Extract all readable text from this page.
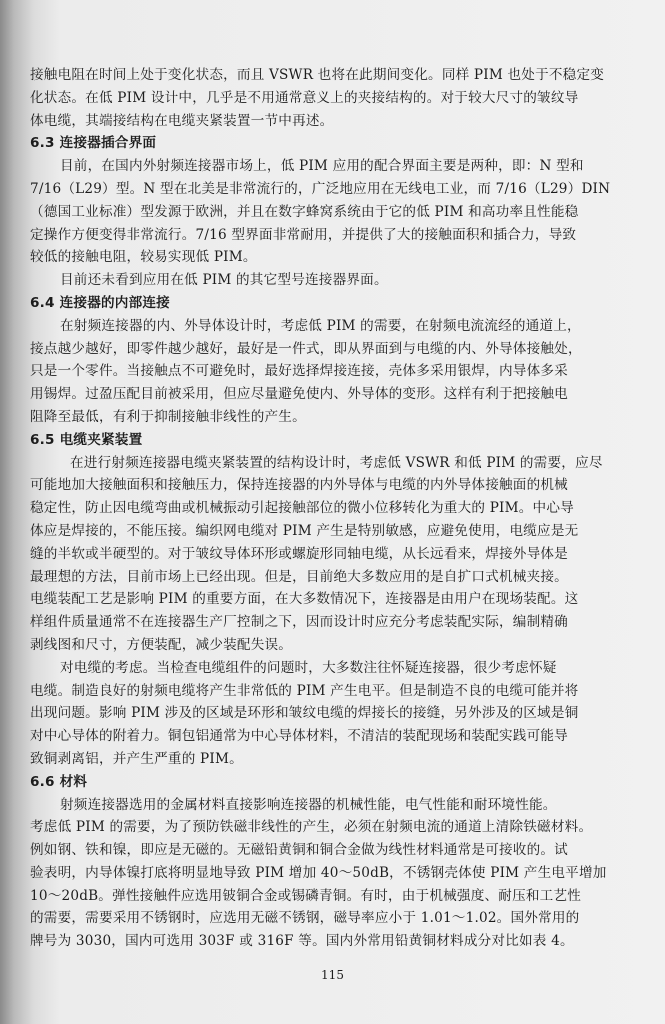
接触电阻在时间上处于变化状态，而且 VSWR 也将在此期间变化。同样 PIM 也处于不稳定变
化状态。在低 PIM 设计中，几乎是不用通常意义上的夹接结构的。对于较大尺寸的皱纹导
体电缆，其端接结构在电缆夹紧装置一节中再述。
6.3 连接器插合界面
目前，在国内外射频连接器市场上，低 PIM 应用的配合界面主要是两种，即：N 型和
7/16（L29）型。N 型在北美是非常流行的，广泛地应用在无线电工业，而 7/16（L29）DIN
（德国工业标准）型发源于欧洲，并且在数字蜂窝系统由于它的低 PIM 和高功率且性能稳
定操作方便变得非常流行。7/16 型界面非常耐用，并提供了大的接触面积和插合力，导致
较低的接触电阻，较易实现低 PIM。
目前还未看到应用在低 PIM 的其它型号连接器界面。
6.4 连接器的内部连接
在射频连接器的内、外导体设计时，考虑低 PIM 的需要，在射频电流流经的通道上，
接点越少越好，即零件越少越好，最好是一件式，即从界面到与电缆的内、外导体接触处，
只是一个零件。当接触点不可避免时，最好选择焊接连接，壳体多采用银焊，内导体多采
用锡焊。过盈压配目前被采用，但应尽量避免使内、外导体的变形。这样有利于把接触电
阻降至最低，有利于抑制接触非线性的产生。
6.5 电缆夹紧装置
在进行射频连接器电缆夹紧装置的结构设计时，考虑低 VSWR 和低 PIM 的需要，应尽
可能地加大接触面积和接触压力，保持连接器的内外导体与电缆的内外导体接触面的机械
稳定性，防止因电缆弯曲或机械振动引起接触部位的微小位移转化为重大的 PIM。中心导
体应是焊接的，不能压接。编织网电缆对 PIM 产生是特别敏感，应避免使用，电缆应是无
缝的半软或半硬型的。对于皱纹导体环形或螺旋形同轴电缆，从长远看来，焊接外导体是
最理想的方法，目前市场上已经出现。但是，目前绝大多数应用的是自扩口式机械夹接。
电缆装配工艺是影响 PIM 的重要方面，在大多数情况下，连接器是由用户在现场装配。这
样组件质量通常不在连接器生产厂控制之下，因而设计时应充分考虑装配实际，编制精确
剥线图和尺寸，方便装配，减少装配失误。
对电缆的考虑。当检查电缆组件的问题时，大多数注往怀疑连接器，很少考虑怀疑
电缆。制造良好的射频电缆将产生非常低的 PIM 产生电平。但是制造不良的电缆可能并将
出现问题。影响 PIM 涉及的区域是环形和皱纹电缆的焊接长的接缝，另外涉及的区域是铜
对中心导体的附着力。铜包铝通常为中心导体材料，不清洁的装配现场和装配实践可能导
致铜剥离铝，并产生严重的 PIM。
6.6 材料
射频连接器选用的金属材料直接影响连接器的机械性能，电气性能和耐环境性能。
考虑低 PIM 的需要，为了预防铁磁非线性的产生，必须在射频电流的通道上清除铁磁材料。
例如钢、铁和镍，即应是无磁的。无磁铅黄铜和铜合金做为线性材料通常是可接收的。试
验表明，内导体镍打底将明显地导致 PIM 增加 40～50dB，不锈钢壳体使 PIM 产生电平增加
10～20dB。弹性接触件应选用铍铜合金或锡磷青铜。有时，由于机械强度、耐压和工艺性
的需要，需要采用不锈钢时，应选用无磁不锈钢，磁导率应小于 1.01～1.02。国外常用的
牌号为 3030，国内可选用 303F 或 316F 等。国内外常用铅黄铜材料成分对比如表 4。
115
